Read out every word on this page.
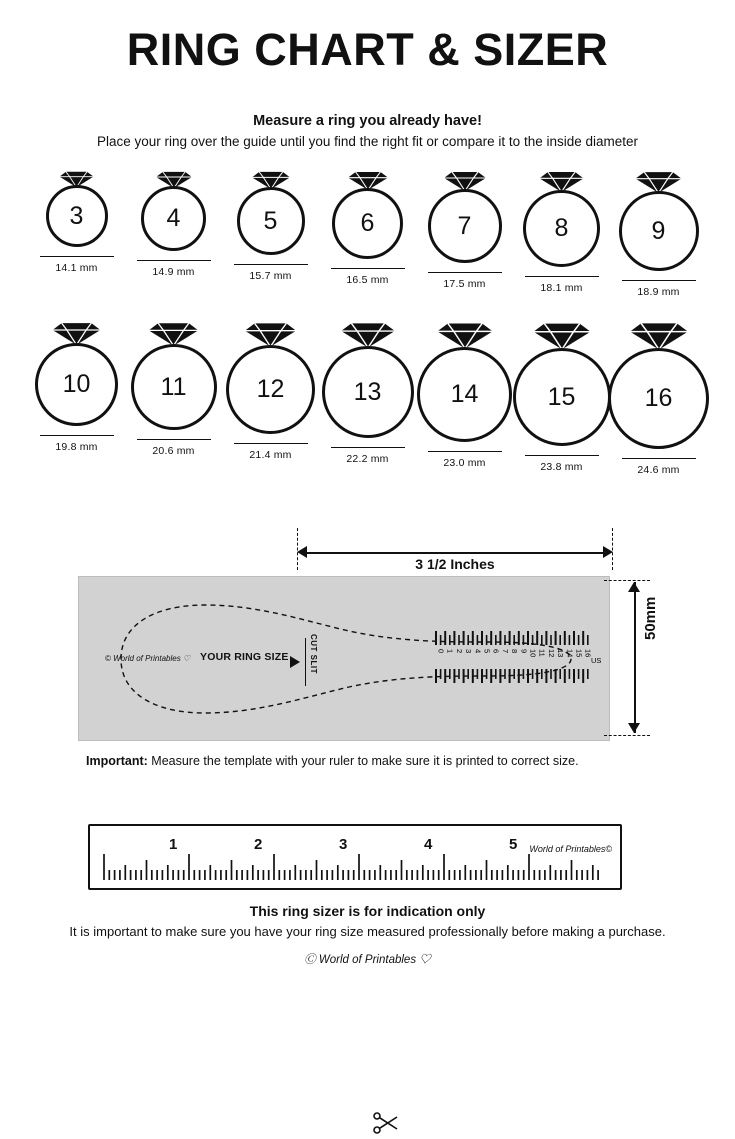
RING CHART & SIZER
Measure a ring you already have!
Place your ring over the guide until you find the right fit or compare it to the inside diameter
3
14.1 mm
4
14.9 mm
5
15.7 mm
6
16.5 mm
7
17.5 mm
8
18.1 mm
9
18.9 mm
10
19.8 mm
11
20.6 mm
12
21.4 mm
13
22.2 mm
14
23.0 mm
15
23.8 mm
16
24.6 mm
3 1/2 Inches
50mm
Important: Measure the template with your ruler to make sure it is printed to correct size.
© World of Printables ♡ YOUR RING SIZE	CUT SLIT	0 1 2 3 4 5 6 7 8 9 10 11 12 13 14 15 16
US
World of Printables©
1	2	3	4	5
This ring sizer is for indication only
It is important to make sure you have your ring size measured professionally before making a purchase.
Ⓒ World of Printables ♡
